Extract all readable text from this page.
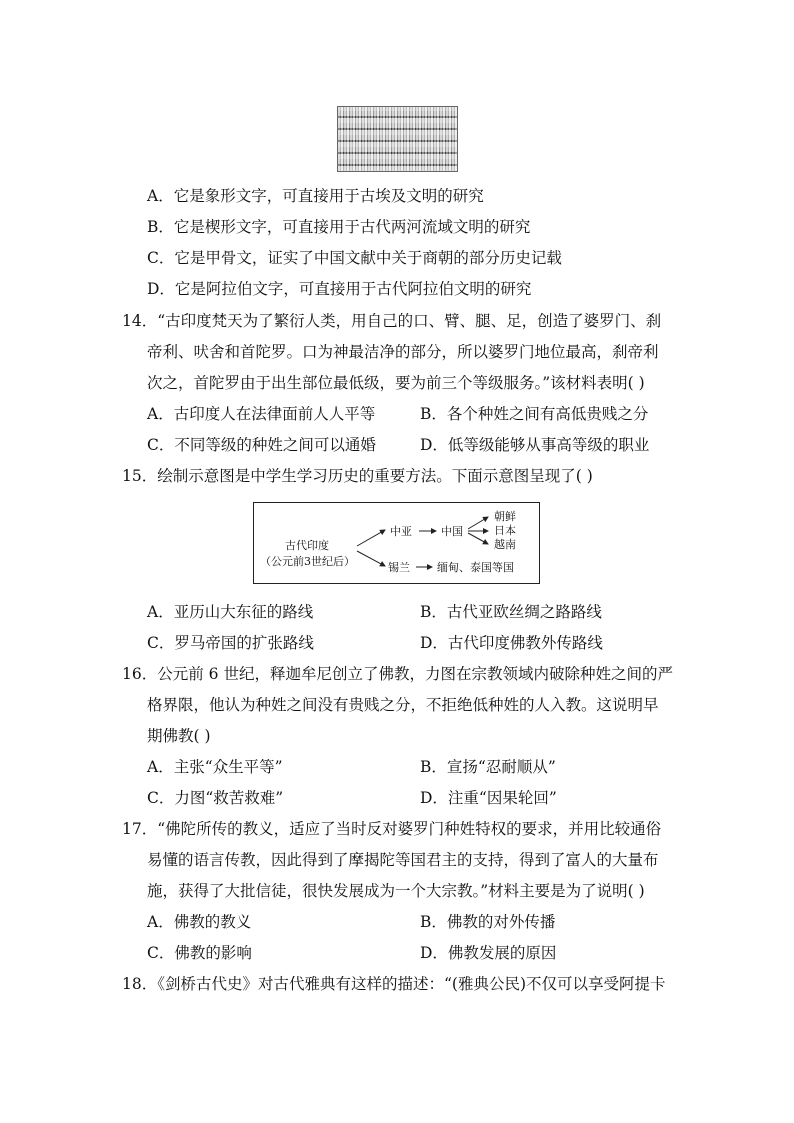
A．它是象形文字，可直接用于古埃及文明的研究
B．它是楔形文字，可直接用于古代两河流域文明的研究
C．它是甲骨文，证实了中国文献中关于商朝的部分历史记载
D．它是阿拉伯文字，可直接用于古代阿拉伯文明的研究
14．“古印度梵天为了繁衍人类，用自己的口、臂、腿、足，创造了婆罗门、刹
帝利、吠舍和首陀罗。口为神最洁净的部分，所以婆罗门地位最高，刹帝利
次之，首陀罗由于出生部位最低级，要为前三个等级服务。”该材料表明( )
A．古印度人在法律面前人人平等	B．各个种姓之间有高低贵贱之分
C．不同等级的种姓之间可以通婚	D．低等级能够从事高等级的职业
15．绘制示意图是中学生学习历史的重要方法。下面示意图呈现了( )
古代印度
（公元前3世纪后）
中亚	中国
朝鲜
日本
越南
锡兰 缅甸、泰国等国
A．亚历山大东征的路线	B．古代亚欧丝绸之路路线
C．罗马帝国的扩张路线	D．古代印度佛教外传路线
16．公元前 6 世纪，释迦牟尼创立了佛教，力图在宗教领域内破除种姓之间的严
格界限，他认为种姓之间没有贵贱之分，不拒绝低种姓的人入教。这说明早
期佛教( )
A．主张“众生平等”	B．宣扬“忍耐顺从”
C．力图“救苦救难”	D．注重“因果轮回”
17．“佛陀所传的教义，适应了当时反对婆罗门种姓特权的要求，并用比较通俗
易懂的语言传教，因此得到了摩揭陀等国君主的支持，得到了富人的大量布
施，获得了大批信徒，很快发展成为一个大宗教。”材料主要是为了说明( )
A．佛教的教义	B．佛教的对外传播
C．佛教的影响	D．佛教发展的原因
18．《剑桥古代史》对古代雅典有这样的描述：“(雅典公民)不仅可以享受阿提卡
